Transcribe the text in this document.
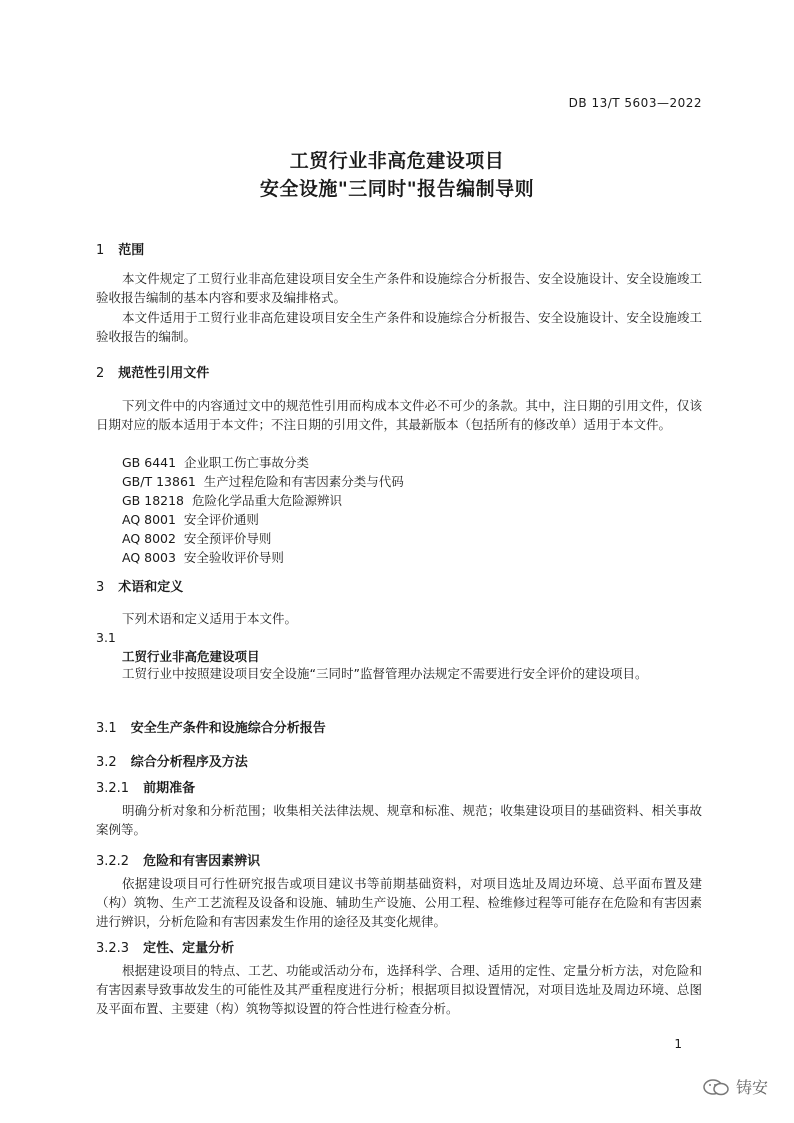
DB 13/T 5603—2022
工贸行业非高危建设项目
安全设施"三同时"报告编制导则
1 范围
本文件规定了工贸行业非高危建设项目安全生产条件和设施综合分析报告、安全设施设计、安全设施竣工验收报告编制的基本内容和要求及编排格式。
本文件适用于工贸行业非高危建设项目安全生产条件和设施综合分析报告、安全设施设计、安全设施竣工验收报告的编制。
2 规范性引用文件
下列文件中的内容通过文中的规范性引用而构成本文件必不可少的条款。其中，注日期的引用文件，仅该日期对应的版本适用于本文件；不注日期的引用文件，其最新版本（包括所有的修改单）适用于本文件。
GB 6441  企业职工伤亡事故分类
GB/T 13861  生产过程危险和有害因素分类与代码
GB 18218  危险化学品重大危险源辨识
AQ 8001  安全评价通则
AQ 8002  安全预评价导则
AQ 8003  安全验收评价导则
3 术语和定义
下列术语和定义适用于本文件。
3.1
工贸行业非高危建设项目
工贸行业中按照建设项目安全设施“三同时”监督管理办法规定不需要进行安全评价的建设项目。
3.1 安全生产条件和设施综合分析报告
3.2 综合分析程序及方法
3.2.1 前期准备
明确分析对象和分析范围；收集相关法律法规、规章和标准、规范；收集建设项目的基础资料、相关事故案例等。
3.2.2 危险和有害因素辨识
依据建设项目可行性研究报告或项目建议书等前期基础资料，对项目选址及周边环境、总平面布置及建（构）筑物、生产工艺流程及设备和设施、辅助生产设施、公用工程、检维修过程等可能存在危险和有害因素进行辨识，分析危险和有害因素发生作用的途径及其变化规律。
3.2.3 定性、定量分析
根据建设项目的特点、工艺、功能或活动分布，选择科学、合理、适用的定性、定量分析方法，对危险和有害因素导致事故发生的可能性及其严重程度进行分析；根据项目拟设置情况，对项目选址及周边环境、总图及平面布置、主要建（构）筑物等拟设置的符合性进行检查分析。
1
铸安
